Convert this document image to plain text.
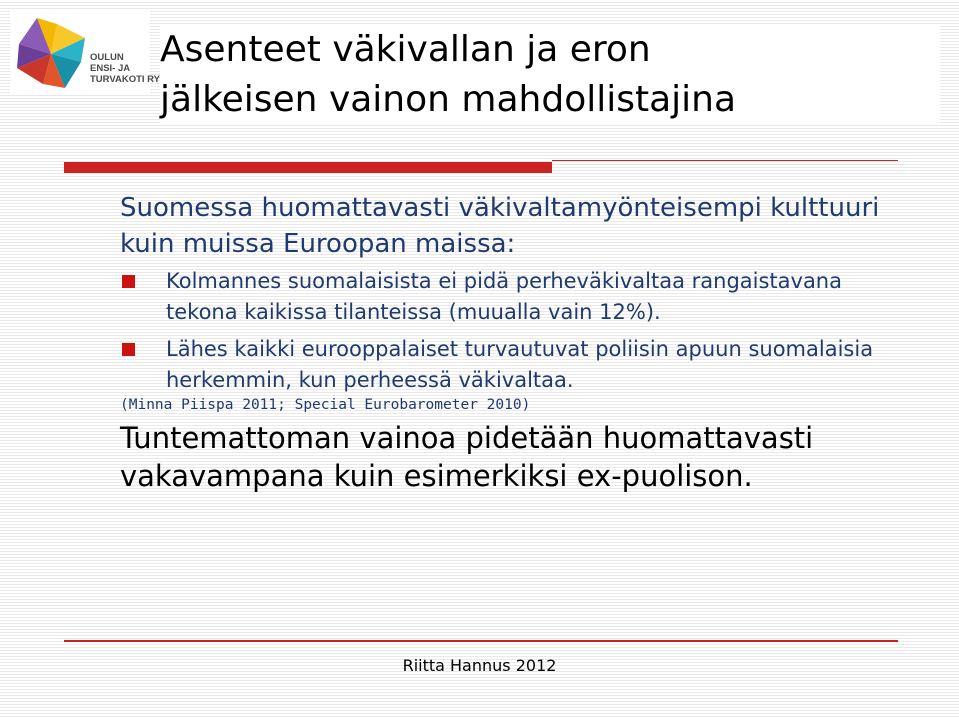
OULUN
ENSI- JA
TURVAKOTI RY
Asenteet väkivallan ja eron
jälkeisen vainon mahdollistajina

Suomessa huomattavasti väkivaltamyönteisempi kulttuuri kuin muissa Euroopan maissa:

Kolmannes suomalaisista ei pidä perheväkivaltaa rangaistavana tekona kaikissa tilanteissa (muualla vain 12%).
Lähes kaikki eurooppalaiset turvautuvat poliisin apuun suomalaisia herkemmin, kun perheessä väkivaltaa.

(Minna Piispa 2011; Special Eurobarometer 2010)

Tuntemattoman vainoa pidetään huomattavasti vakavampana kuin esimerkiksi ex-puolison.

Riitta Hannus 2012
